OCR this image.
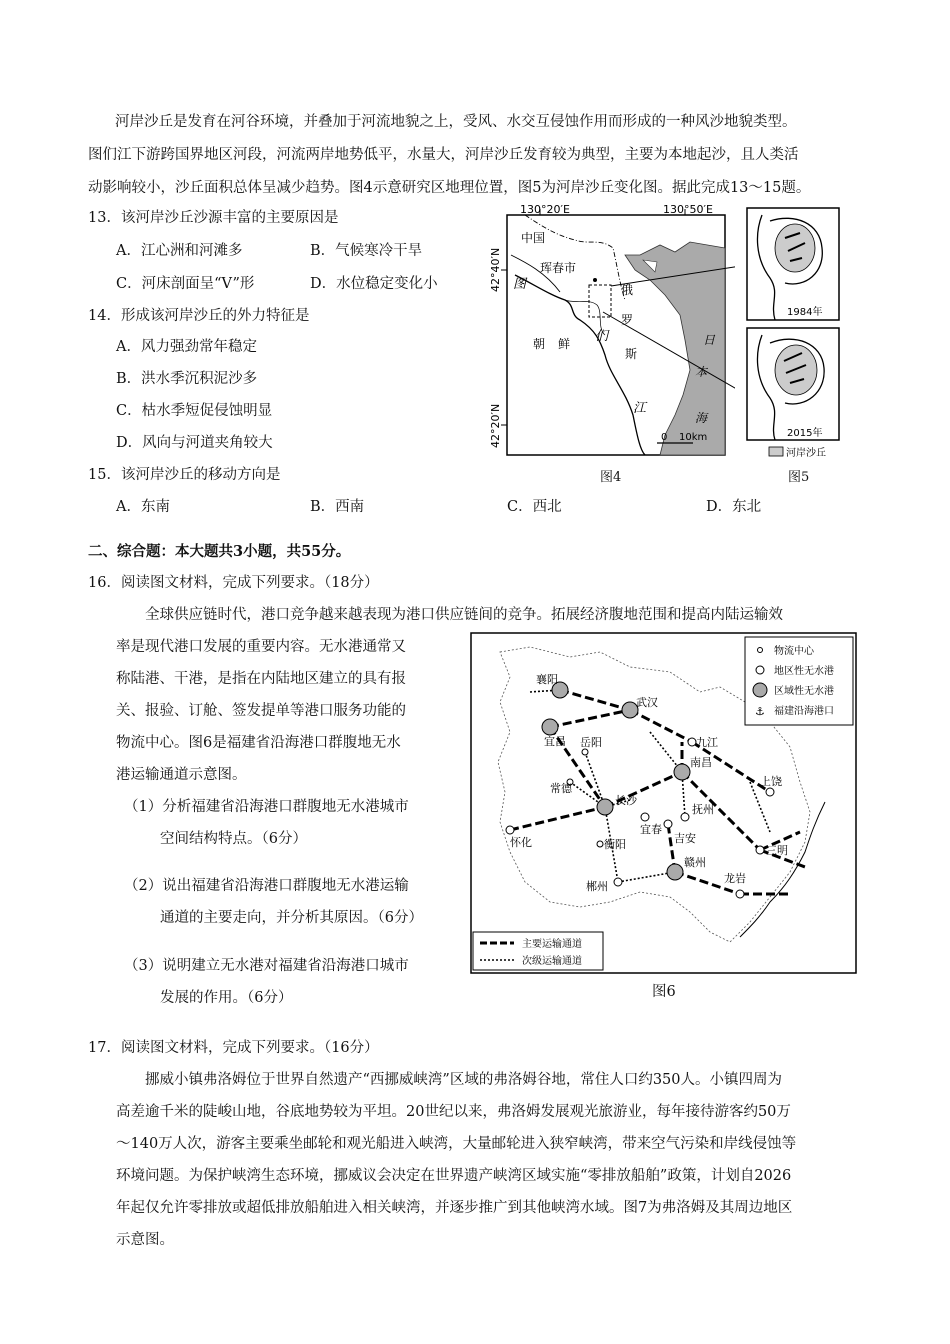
河岸沙丘是发育在河谷环境，并叠加于河流地貌之上，受风、水交互侵蚀作用而形成的一种风沙地貌类型。
图们江下游跨国界地区河段，河流两岸地势低平，水量大，河岸沙丘发育较为典型，主要为本地起沙，且人类活
动影响较小，沙丘面积总体呈减少趋势。图4示意研究区地理位置，图5为河岸沙丘变化图。据此完成13～15题。
13．该河岸沙丘沙源丰富的主要原因是
A．江心洲和河滩多	B．气候寒冷干旱
C．河床剖面呈“V”形	D．水位稳定变化小
14．形成该河岸沙丘的外力特征是
A．风力强劲常年稳定
B．洪水季沉积泥沙多
C．枯水季短促侵蚀明显
D．风向与河道夹角较大
15．该河岸沙丘的移动方向是
A．东南	B．西南	C．西北	D．东北
130°20′E	130°50′E
42°40′N
42°20′N
中国
珲春市
图	俄
罗
斯
朝 鲜 们
江
日
本
海
0 10km
图4
1984年
2015年
河岸沙丘
图5
二、综合题：本大题共3小题，共55分。
16．阅读图文材料，完成下列要求。（18分）
全球供应链时代，港口竞争越来越表现为港口供应链间的竞争。拓展经济腹地范围和提高内陆运输效
率是现代港口发展的重要内容。无水港通常又
称陆港、干港，是指在内陆地区建立的具有报
关、报验、订舱、签发提单等港口服务功能的
物流中心。图6是福建省沿海港口群腹地无水
港运输通道示意图。
（1）分析福建省沿海港口群腹地无水港城市
空间结构特点。（6分）
（2）说出福建省沿海港口群腹地无水港运输
通道的主要走向，并分析其原因。（6分）
（3）说明建立无水港对福建省沿海港口城市
发展的作用。（6分）
襄阳
武汉
宜昌	九江
岳阳
南昌
上饶
常德
长沙
抚州
宜春
吉安
怀化	衡阳
赣州
三明
郴州
龙岩
⚓
物流中心
地区性无水港
区域性无水港
福建沿海港口
主要运输通道
次级运输通道
图6
17．阅读图文材料，完成下列要求。（16分）
挪威小镇弗洛姆位于世界自然遗产“西挪威峡湾”区域的弗洛姆谷地，常住人口约350人。小镇四周为
高差逾千米的陡峻山地，谷底地势较为平坦。20世纪以来，弗洛姆发展观光旅游业，每年接待游客约50万
～140万人次，游客主要乘坐邮轮和观光船进入峡湾，大量邮轮进入狭窄峡湾，带来空气污染和岸线侵蚀等
环境问题。为保护峡湾生态环境，挪威议会决定在世界遗产峡湾区域实施“零排放船舶”政策，计划自2026
年起仅允许零排放或超低排放船舶进入相关峡湾，并逐步推广到其他峡湾水域。图7为弗洛姆及其周边地区
示意图。
